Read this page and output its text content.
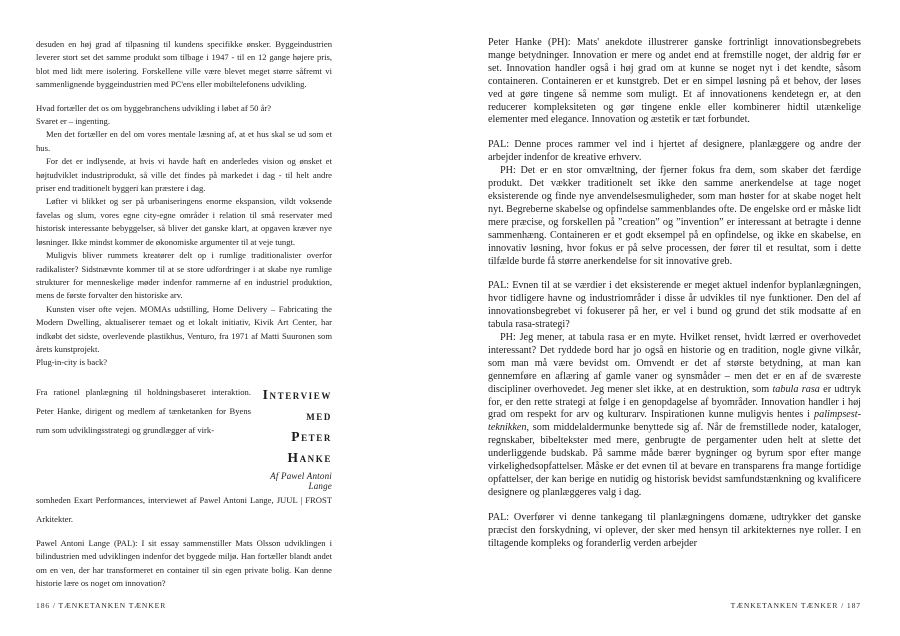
desuden en høj grad af tilpasning til kundens specifikke ønsker. Byggeindustrien leverer stort set det samme produkt som tilbage i 1947 - til en 12 gange højere pris, blot med lidt mere isolering. Forskellene ville være blevet meget større såfremt vi sammenlignende byggeindustrien med PC'ens eller mobiltelefonens udvikling.

Hvad fortæller det os om byggebranchens udvikling i løbet af 50 år?

Svaret er – ingenting.

Men det fortæller en del om vores mentale læsning af, at et hus skal se ud som et hus.

For det er indlysende, at hvis vi havde haft en anderledes vision og ønsket et højtudviklet industriprodukt, så ville det findes på markedet i dag - til helt andre priser end traditionelt byggeri kan præstere i dag.

Løfter vi blikket og ser på urbaniseringens enorme ekspansion, vildt voksende favelas og slum, vores egne city-egne områder i relation til små reservater med historisk interessante bebyggelser, så bliver det ganske klart, at opgaven kræver nye løsninger. Ikke mindst kommer de økonomiske argumenter til at veje tungt.

Muligvis bliver rummets kreatører delt op i rumlige traditionalister overfor radikalister? Sidstnævnte kommer til at se store udfordringer i at skabe nye rumlige strukturer for menneskelige møder indenfor rammerne af en industriel produktion, mens de første forvalter den historiske arv.

Kunsten viser ofte vejen. MOMAs udstilling, Home Delivery – Fabricating the Modern Dwelling, aktualiserer temaet og et lokalt initiativ, Kivik Art Center, har indkøbt det sidste, overlevende plastikhus, Venturo, fra 1971 af Matti Suuronen som årets kunstprojekt.

Plug-in-city is back?

Fra rationel planlægning til holdningsbaseret interaktion. Peter Hanke, dirigent og medlem af tænketanken for Byens rum som udviklingsstrategi og grundlægger af virk-

Interview med
Peter Hanke
Af Pawel Antoni Lange

somheden Exart Performances, interviewet af Pawel Antoni Lange, JUUL | FROST Arkitekter.

Pawel Antoni Lange (PAL): I sit essay sammenstiller Mats Olsson udviklingen i bilindustrien med udviklingen indenfor det byggede miljø. Han fortæller blandt andet om en ven, der har transformeret en container til sin egen private bolig. Kan denne historie lære os noget om innovation?

186 / TÆNKETANKEN TÆNKER

Peter Hanke (PH): Mats' anekdote illustrerer ganske fortrinligt innovationsbegrebets mange betydninger. Innovation er mere og andet end at fremstille noget, der aldrig før er set. Innovation handler også i høj grad om at kunne se noget nyt i det kendte, såsom containeren. Containeren er et kunstgreb. Det er en simpel løsning på et behov, der løses ved at gøre tingene så nemme som muligt. Et af innovationens kendetegn er, at den reducerer kompleksiteten og gør tingene enkle eller kombinerer hidtil utænkelige elementer med elegance. Innovation og æstetik er tæt forbundet.

PAL: Denne proces rammer vel ind i hjertet af designere, planlæggere og andre der arbejder indenfor de kreative erhverv.

PH: Det er en stor omvæltning, der fjerner fokus fra dem, som skaber det færdige produkt. Det vækker traditionelt set ikke den samme anerkendelse at tage noget eksisterende og finde nye anvendelsesmuligheder, som man høster for at skabe noget helt nyt. Begreberne skabelse og opfindelse sammenblandes ofte. De engelske ord er måske lidt mere præcise, og forskellen på ”creation” og ”invention” er interessant at betragte i denne sammenhæng. Containeren er et godt eksempel på en opfindelse, og ikke en skabelse, en innovativ løsning, hvor fokus er på selve processen, der fører til et resultat, som i dette tilfælde burde få større anerkendelse for sit innovative greb.

PAL: Evnen til at se værdier i det eksisterende er meget aktuel indenfor byplanlægningen, hvor tidligere havne og industriområder i disse år udvikles til nye funktioner. Den del af innovationsbegrebet vi fokuserer på her, er vel i bund og grund det stik modsatte af en tabula rasa-strategi?

PH: Jeg mener, at tabula rasa er en myte. Hvilket renset, hvidt lærred er overhovedet interessant? Det ryddede bord har jo også en historie og en tradition, nogle givne vilkår, som man må være bevidst om. Omvendt er det af største betydning, at man kan gennemføre en aflæring af gamle vaner og synsmåder – men det er en af de sværeste discipliner overhovedet. Jeg mener slet ikke, at en destruktion, som tabula rasa er udtryk for, er den rette strategi at følge i en genopdagelse af byområder. Innovation handler i høj grad om respekt for arv og kulturarv. Inspirationen kunne muligvis hentes i palimpsest-teknikken, som middelaldermunke benyttede sig af. Når de fremstillede noder, kataloger, regnskaber, bibeltekster med mere, genbrugte de pergamenter uden helt at slette det underliggende budskab. På samme måde bærer bygninger og byrum spor efter mange virkelighedsopfattelser. Måske er det evnen til at bevare en transparens fra mange fortidige opfattelser, der kan berige en nutidig og historisk bevidst samfundstænkning og kvalificere designere og planlæggeres valg i dag.

PAL: Overfører vi denne tankegang til planlægningens domæne, udtrykker det ganske præcist den forskydning, vi oplever, der sker med hensyn til arkitekternes nye roller. I en tiltagende kompleks og foranderlig verden arbejder

TÆNKETANKEN TÆNKER / 187
